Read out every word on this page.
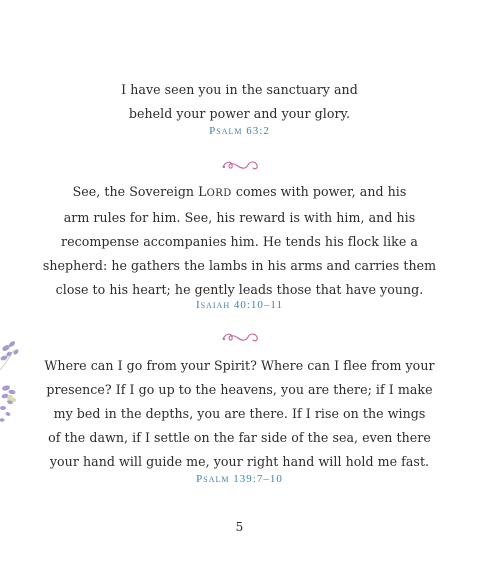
I have seen you in the sanctuary and
beheld your power and your glory.
Psalm 63:2
See, the Sovereign LORD comes with power, and his
arm rules for him. See, his reward is with him, and his
recompense accompanies him. He tends his flock like a
shepherd: he gathers the lambs in his arms and carries them
close to his heart; he gently leads those that have young.
Isaiah 40:10–11
Where can I go from your Spirit? Where can I flee from your
presence? If I go up to the heavens, you are there; if I make
my bed in the depths, you are there. If I rise on the wings
of the dawn, if I settle on the far side of the sea, even there
your hand will guide me, your right hand will hold me fast.
Psalm 139:7–10
5
